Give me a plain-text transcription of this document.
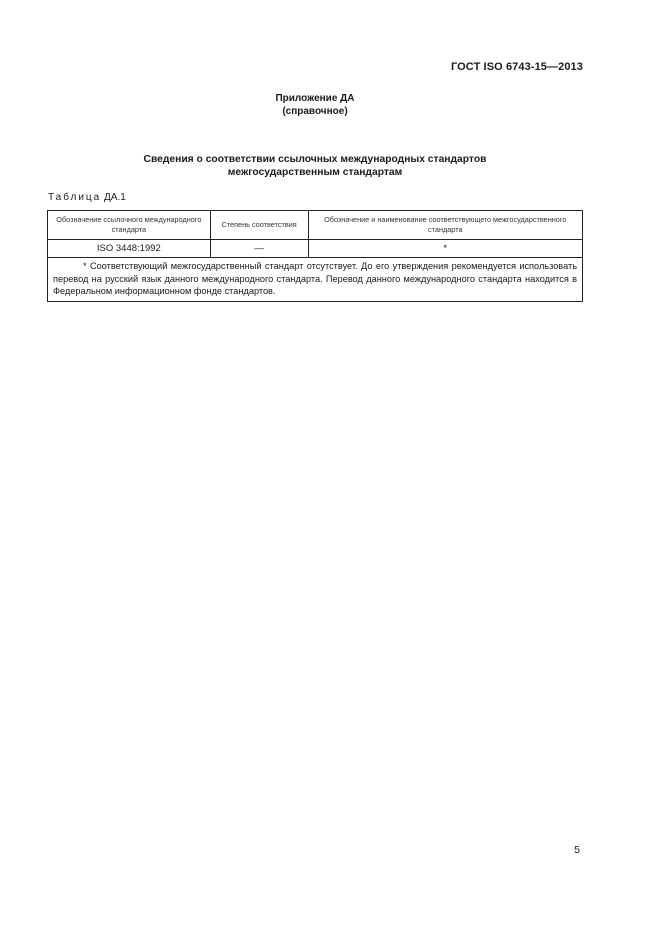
ГОСТ ISO 6743-15—2013
Приложение ДА
(справочное)
Сведения о соответствии ссылочных международных стандартов
межгосударственным стандартам
Таблица ДА.1
Обозначение ссылочного международного стандарта	Степень соответствия	Обозначение и наименование соответствующего межгосударственного стандарта
ISO 3448:1992	—	*
* Соответствующий межгосударственный стандарт отсутствует. До его утверждения рекомендуется использовать перевод на русский язык данного международного стандарта. Перевод данного международного стандарта находится в Федеральном информационном фонде стандартов.		
5
